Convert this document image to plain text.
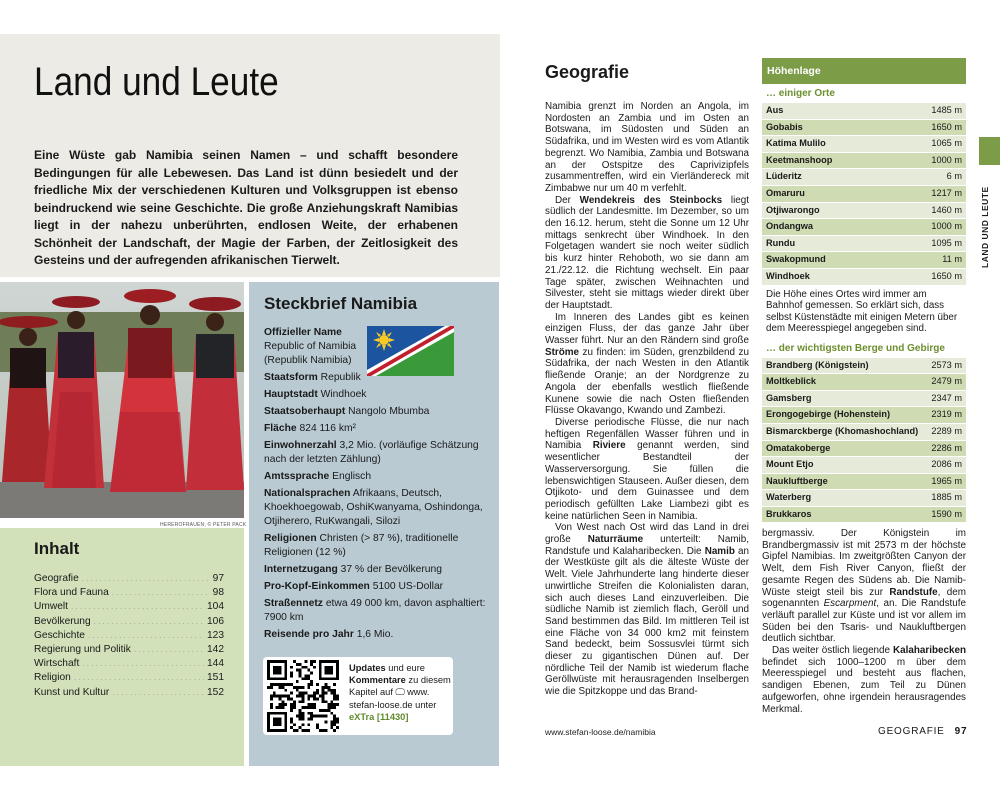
Land und Leute

Eine Wüste gab Namibia seinen Namen – und schafft besondere Bedingungen für alle Lebewesen. Das Land ist dünn besiedelt und der friedliche Mix der verschiedenen Kulturen und Volksgruppen ist ebenso beindruckend wie seine Geschichte. Die große Anziehungskraft Namibias liegt in der nahezu unberührten, endlosen Weite, der erhabenen Schönheit der Landschaft, der Magie der Farben, der Zeitlosigkeit des Gesteins und der aufregenden afrikanischen Tierwelt.

HEREROFRAUEN; © PETER PACK
Inhalt
Geografie . . .	97
Flora und Fauna . . .	98
Umwelt . . .	104
Bevölkerung . . .	106
Geschichte . . .	123
Regierung und Politik . . .	142
Wirtschaft . . .	144
Religion . . .	151
Kunst und Kultur . . .	152
Steckbrief Namibia
Offizieller Name
Republic of Namibia (Republik Namibia)
Staatsform Republik
Hauptstadt Windhoek
Staatsoberhaupt Nangolo Mbumba
Fläche 824 116 km²
Einwohnerzahl 3,2 Mio. (vorläufige Schätzung nach der letzten Zählung)
Amtssprache Englisch
Nationalsprachen Afrikaans, Deutsch, Khoekhoegowab, OshiKwanyama, Oshindonga, Otjiherero, RuKwangali, Silozi
Religionen Christen (> 87 %), traditionelle Religionen (12 %)
Internetzugang 37 % der Bevölkerung
Pro-Kopf-Einkommen 5100 US-Dollar
Straßennetz etwa 49 000 km, davon asphaltiert: 7900 km
Reisende pro Jahr 1,6 Mio.
Updates und eure Kommentare zu diesem Kapitel auf 🖵 www. stefan-loose.de unter eXTra [11430]
Geografie

Namibia grenzt im Norden an Angola, im Nordosten an Zambia und im Osten an Botswana, im Südosten und Süden an Südafrika, und im Westen wird es vom Atlantik begrenzt. Wo Namibia, Zambia und Botswana an der Ostspitze des Caprivizipfels zusammentreffen, wird ein Vierländereck mit Zimbabwe nur um 40 m verfehlt.

Der Wendekreis des Steinbocks liegt südlich der Landesmitte. Im Dezember, so um den 16.12. herum, steht die Sonne um 12 Uhr mittags senkrecht über Windhoek. In den Folgetagen wandert sie noch weiter südlich bis kurz hinter Rehoboth, wo sie dann am 21./22.12. die Richtung wechselt. Ein paar Tage später, zwischen Weihnachten und Silvester, steht sie mittags wieder direkt über der Hauptstadt.

Im Inneren des Landes gibt es keinen einzigen Fluss, der das ganze Jahr über Wasser führt. Nur an den Rändern sind große Ströme zu finden: im Süden, grenzbildend zu Südafrika, der nach Westen in den Atlantik fließende Oranje; an der Nordgrenze zu Angola der ebenfalls westlich fließende Kunene sowie die nach Osten fließenden Flüsse Okavango, Kwando und Zambezi.

Diverse periodische Flüsse, die nur nach heftigen Regenfällen Wasser führen und in Namibia Riviere genannt werden, sind wesentlicher Bestandteil der Wasserversorgung. Sie füllen die lebenswichtigen Stauseen. Außer diesen, dem Otjikoto- und dem Guinassee und dem periodisch gefüllten Lake Liambezi gibt es keine natürlichen Seen in Namibia.

Von West nach Ost wird das Land in drei große Naturräume unterteilt: Namib, Randstufe und Kalaharibecken. Die Namib an der Westküste gilt als die älteste Wüste der Welt. Viele Jahrhunderte lang hinderte dieser unwirtliche Streifen die Kolonialisten daran, sich auch dieses Land einzuverleiben. Die südliche Namib ist ziemlich flach, Geröll und Sand bestimmen das Bild. Im mittleren Teil ist eine Fläche von 34 000 km2 mit feinstem Sand bedeckt, beim Sossusvlei türmt sich dieser zu gigantischen Dünen auf. Der nördliche Teil der Namib ist wiederum flache Geröllwüste mit herausragenden Inselbergen wie die Spitzkoppe und das Brand-

bergmassiv. Der Königstein im Brandbergmassiv ist mit 2573 m der höchste Gipfel Namibias. Im zweitgrößten Canyon der Welt, dem Fish River Canyon, fließt der gesamte Regen des Südens ab. Die Namib-Wüste steigt steil bis zur Randstufe, dem sogenannten Escarpment, an. Die Randstufe verläuft parallel zur Küste und ist vor allem im Süden bei den Tsaris- und Naukluftbergen deutlich sichtbar.

Das weiter östlich liegende Kalaharibecken befindet sich 1000–1200 m über dem Meeresspiegel und besteht aus flachen, sandigen Ebenen, zum Teil zu Dünen aufgeworfen, ohne irgendein herausragendes Merkmal.

Höhenlage
… einiger Orte
Aus	1485 m
Gobabis	1650 m
Katima Mulilo	1065 m
Keetmanshoop	1000 m
Lüderitz	6 m
Omaruru	1217 m
Otjiwarongo	1460 m
Ondangwa	1000 m
Rundu	1095 m
Swakopmund	11 m
Windhoek	1650 m
Die Höhe eines Ortes wird immer am Bahnhof gemessen. So erklärt sich, dass selbst Küstenstädte mit einigen Metern über dem Meeresspiegel angegeben sind.
… der wichtigsten Berge und Gebirge
Brandberg (Königstein)	2573 m
Moltkeblick	2479 m
Gamsberg	2347 m
Erongogebirge (Hohenstein)	2319 m
Bismarckberge (Khomashochland) 2289 m
Omatakoberge	2286 m
Mount Etjo	2086 m
Naukluftberge	1965 m
Waterberg	1885 m
Brukkaros	1590 m
LAND UND LEUTE
www.stefan-loose.de/namibia	GEOGRAFIE 97
